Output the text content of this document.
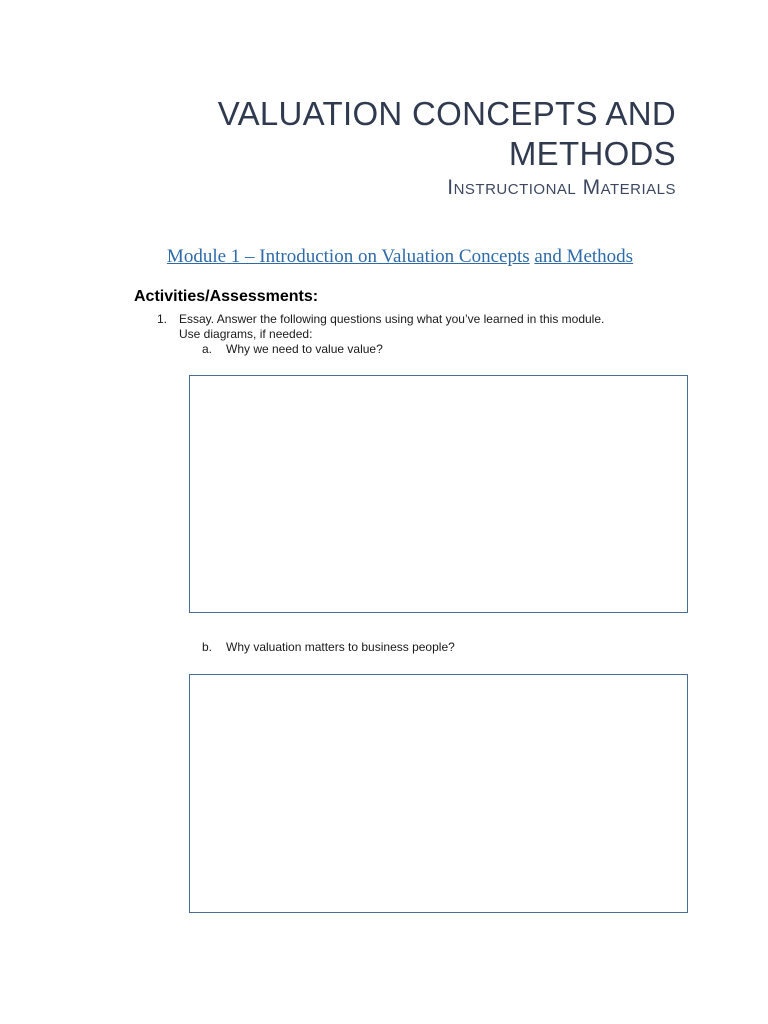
VALUATION CONCEPTS AND
METHODS
Instructional Materials
Module 1 – Introduction on Valuation Concepts and Methods
Activities/Assessments:
1. Essay. Answer the following questions using what you’ve learned in this module.
Use diagrams, if needed:
a. Why we need to value value?
b. Why valuation matters to business people?
